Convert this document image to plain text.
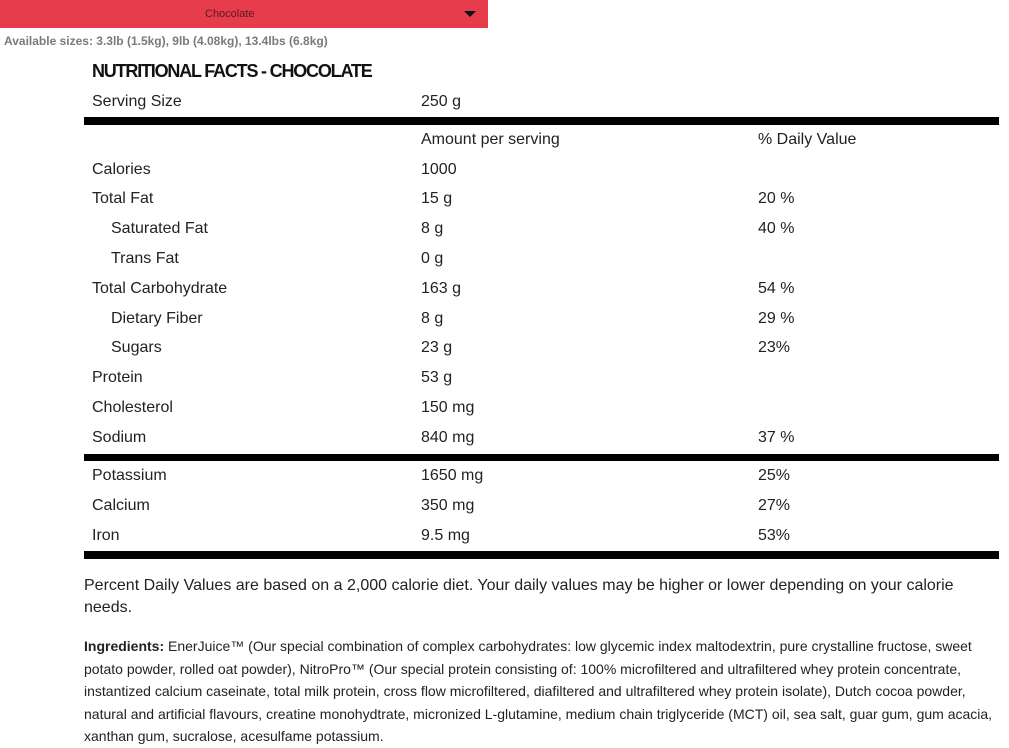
Chocolate
Available sizes: 3.3lb (1.5kg), 9lb (4.08kg), 13.4lbs (6.8kg)
NUTRITIONAL FACTS - CHOCOLATE
Serving Size	250 g
Amount per serving	% Daily Value
Calories	1000
Total Fat	15 g	20 %
Saturated Fat	8 g	40 %
Trans Fat	0 g
Total Carbohydrate	163 g	54 %
Dietary Fiber	8 g	29 %
Sugars	23 g	23%
Protein	53 g
Cholesterol	150 mg
Sodium	840 mg	37 %
Potassium	1650 mg	25%
Calcium	350 mg	27%
Iron	9.5 mg	53%
Percent Daily Values are based on a 2,000 calorie diet. Your daily values may be higher or lower depending on your calorie needs.
Ingredients: EnerJuice™ (Our special combination of complex carbohydrates: low glycemic index maltodextrin, pure crystalline fructose, sweet potato powder, rolled oat powder), NitroPro™ (Our special protein consisting of: 100% microfiltered and ultrafiltered whey protein concentrate, instantized calcium caseinate, total milk protein, cross flow microfiltered, diafiltered and ultrafiltered whey protein isolate), Dutch cocoa powder, natural and artificial flavours, creatine monohydtrate, micronized L-glutamine, medium chain triglyceride (MCT) oil, sea salt, guar gum, gum acacia, xanthan gum, sucralose, acesulfame potassium.
